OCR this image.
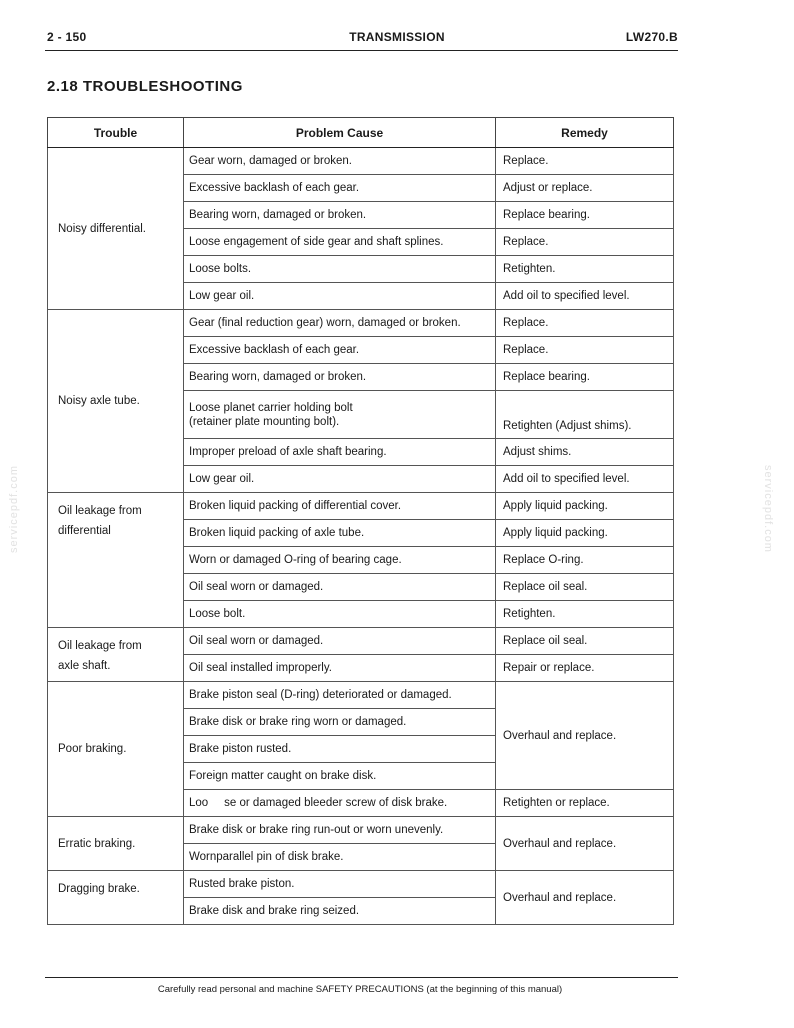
2 - 150	TRANSMISSION	LW270.B
2.18 TROUBLESHOOTING
servicepdf.com	servicepdf.com
Trouble	Problem Cause	Remedy
Noisy differential.	Gear worn, damaged or broken.	Replace.
	Excessive backlash of each gear.	Adjust or replace.
	Bearing worn, damaged or broken.	Replace bearing.
	Loose engagement of side gear and shaft splines.	Replace.
	Loose bolts.	Retighten.
	Low gear oil.	Add oil to specified level.
Noisy axle tube.	Gear (final reduction gear) worn, damaged or broken.	Replace.
	Excessive backlash of each gear.	Replace.
	Bearing worn, damaged or broken.	Replace bearing.

	Loose planet carrier holding bolt
(retainer plate mounting bolt).	Retighten (Adjust shims).
	Improper preload of axle shaft bearing.	Adjust shims.
	Low gear oil.	Add oil to specified level.

Oil leakage from
differential	Broken liquid packing of differential cover.	Apply liquid packing.
	Broken liquid packing of axle tube.	Apply liquid packing.
	Worn or damaged O-ring of bearing cage.	Replace O-ring.
	Oil seal worn or damaged.	Replace oil seal.
	Loose bolt.	Retighten.

Oil leakage from
axle shaft.	Oil seal worn or damaged.	Replace oil seal.
	Oil seal installed improperly.	Repair or replace.
Poor braking.	Brake piston seal (D-ring) deteriorated or damaged.	Overhaul and replace.
	Brake disk or brake ring worn or damaged.	
	Brake piston rusted.	
	Foreign matter caught on brake disk.	
	Loo     se or damaged bleeder screw of disk brake.	Retighten or replace.
Erratic braking.	Brake disk or brake ring run-out or worn unevenly.	Overhaul and replace.
	Wornparallel pin of disk brake.	
Dragging brake.	Rusted brake piston.	Overhaul and replace.
	Brake disk and brake ring seized.	
Carefully read personal and machine SAFETY PRECAUTIONS (at the beginning of this manual)
